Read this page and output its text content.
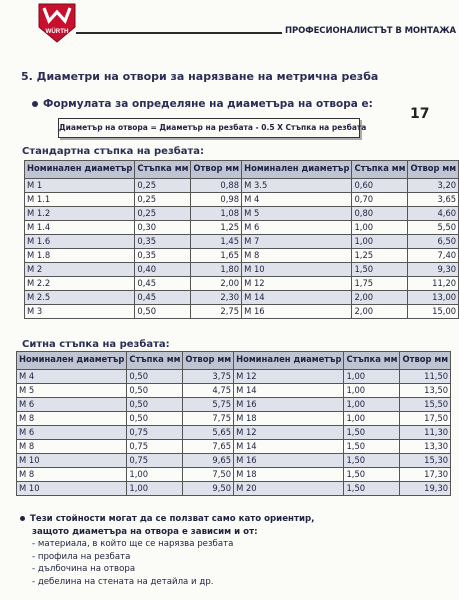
WÜRTH	ПРОФЕСИОНАЛИСТЪТ В МОНТАЖА
17
5. Диаметри на отвори за нарязване на метрична резба
Формулата за определяне на диаметъра на отвора е:
Диаметър на отвора = Диаметър на резбата - 0.5 X Стъпка на резбата
Стандартна стъпка на резбата:
Номинален диаметър	Стъпка мм	Отвор мм	Номинален диаметър	Стъпка мм	Отвор мм
M 1	0,25	0,88	M 3.5	0,60	3,20
M 1.1	0,25	0,98	M 4	0,70	3,65
M 1.2	0,25	1,08	M 5	0,80	4,60
M 1.4	0,30	1,25	M 6	1,00	5,50
M 1.6	0,35	1,45	M 7	1,00	6,50
M 1.8	0,35	1,65	M 8	1,25	7,40
M 2	0,40	1,80	M 10	1,50	9,30
M 2.2	0,45	2,00	M 12	1,75	11,20
M 2.5	0,45	2,30	M 14	2,00	13,00
M 3	0,50	2,75	M 16	2,00	15,00
Ситна стъпка на резбата:
Номинален диаметър	Стъпка мм	Отвор мм	Номинален диаметър	Стъпка мм	Отвор мм
M 4	0,50	3,75	M 12	1,00	11,50
M 5	0,50	4,75	M 14	1,00	13,50
M 6	0,50	5,75	M 16	1,00	15,50
M 8	0,50	7,75	M 18	1,00	17,50
M 6	0,75	5,65	M 12	1,50	11,30
M 8	0,75	7,65	M 14	1,50	13,30
M 10	0,75	9,65	M 16	1,50	15,30
M 8	1,00	7,50	M 18	1,50	17,30
M 10	1,00	9,50	M 20	1,50	19,30
Тези стойности могат да се ползват само като ориентир,
защото диаметъра на отвора е зависим и от:
- материала, в който ще се нарязва резбата
- профила на резбата
- дълбочина на отвора
- дебелина на стената на детайла и др.
